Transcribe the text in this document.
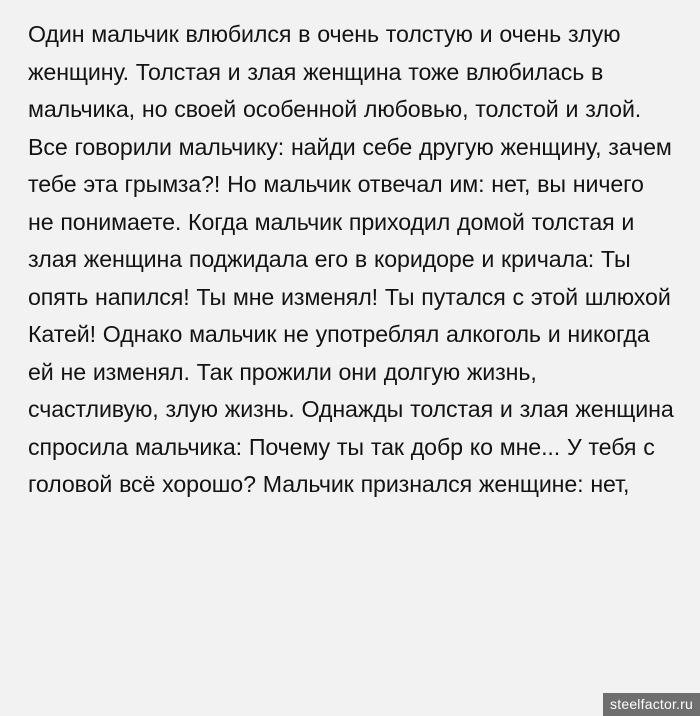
Один мальчик влюбился в очень толстую и очень злую женщину. Толстая и злая женщина тоже влюбилась в мальчика, но своей особенной любовью, толстой и злой. Все говорили мальчику: найди себе другую женщину, зачем тебе эта грымза?! Но мальчик отвечал им: нет, вы ничего не понимаете. Когда мальчик приходил домой толстая и злая женщина поджидала его в коридоре и кричала: Ты опять напился! Ты мне изменял! Ты путался с этой шлюхой Катей! Однако мальчик не употреблял алкоголь и никогда ей не изменял. Так прожили они долгую жизнь, счастливую, злую жизнь. Однажды толстая и злая женщина спросила мальчика: Почему ты так добр ко мне... У тебя с головой всё хорошо? Мальчик признался женщине: нет,

steelfactor.ru
